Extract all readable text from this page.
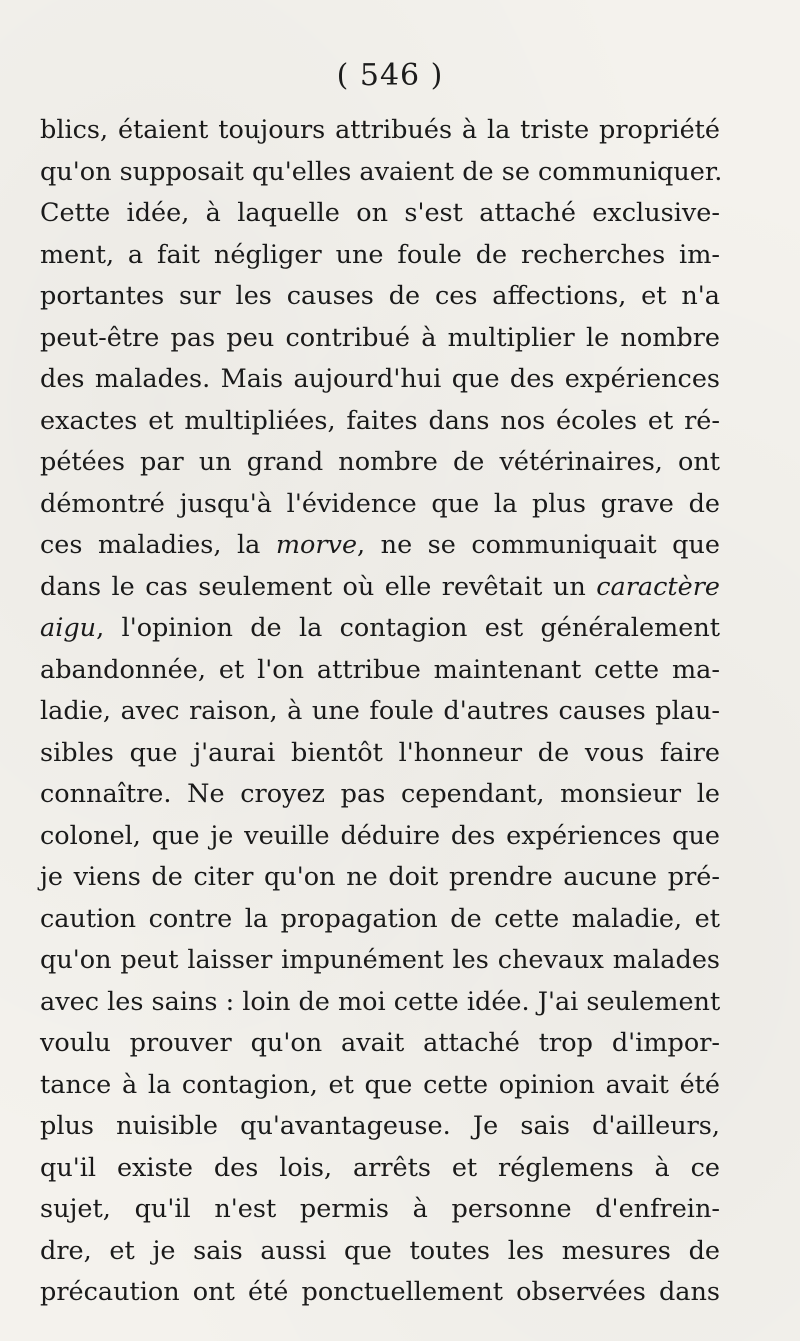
( 546 )
blics, étaient toujours attribués à la triste propriété
qu'on supposait qu'elles avaient de se communiquer.
Cette idée, à laquelle on s'est attaché exclusive-
ment, a fait négliger une foule de recherches im-
portantes sur les causes de ces affections, et n'a
peut-être pas peu contribué à multiplier le nombre
des malades. Mais aujourd'hui que des expériences
exactes et multipliées, faites dans nos écoles et ré-
pétées par un grand nombre de vétérinaires, ont
démontré jusqu'à l'évidence que la plus grave de
ces maladies, la morve, ne se communiquait que
dans le cas seulement où elle revêtait un caractère
aigu, l'opinion de la contagion est généralement
abandonnée, et l'on attribue maintenant cette ma-
ladie, avec raison, à une foule d'autres causes plau-
sibles que j'aurai bientôt l'honneur de vous faire
connaître. Ne croyez pas cependant, monsieur le
colonel, que je veuille déduire des expériences que
je viens de citer qu'on ne doit prendre aucune pré-
caution contre la propagation de cette maladie, et
qu'on peut laisser impunément les chevaux malades
avec les sains : loin de moi cette idée. J'ai seulement
voulu prouver qu'on avait attaché trop d'impor-
tance à la contagion, et que cette opinion avait été
plus nuisible qu'avantageuse. Je sais d'ailleurs,
qu'il existe des lois, arrêts et réglemens à ce
sujet, qu'il n'est permis à personne d'enfrein-
dre, et je sais aussi que toutes les mesures de
précaution ont été ponctuellement observées dans
